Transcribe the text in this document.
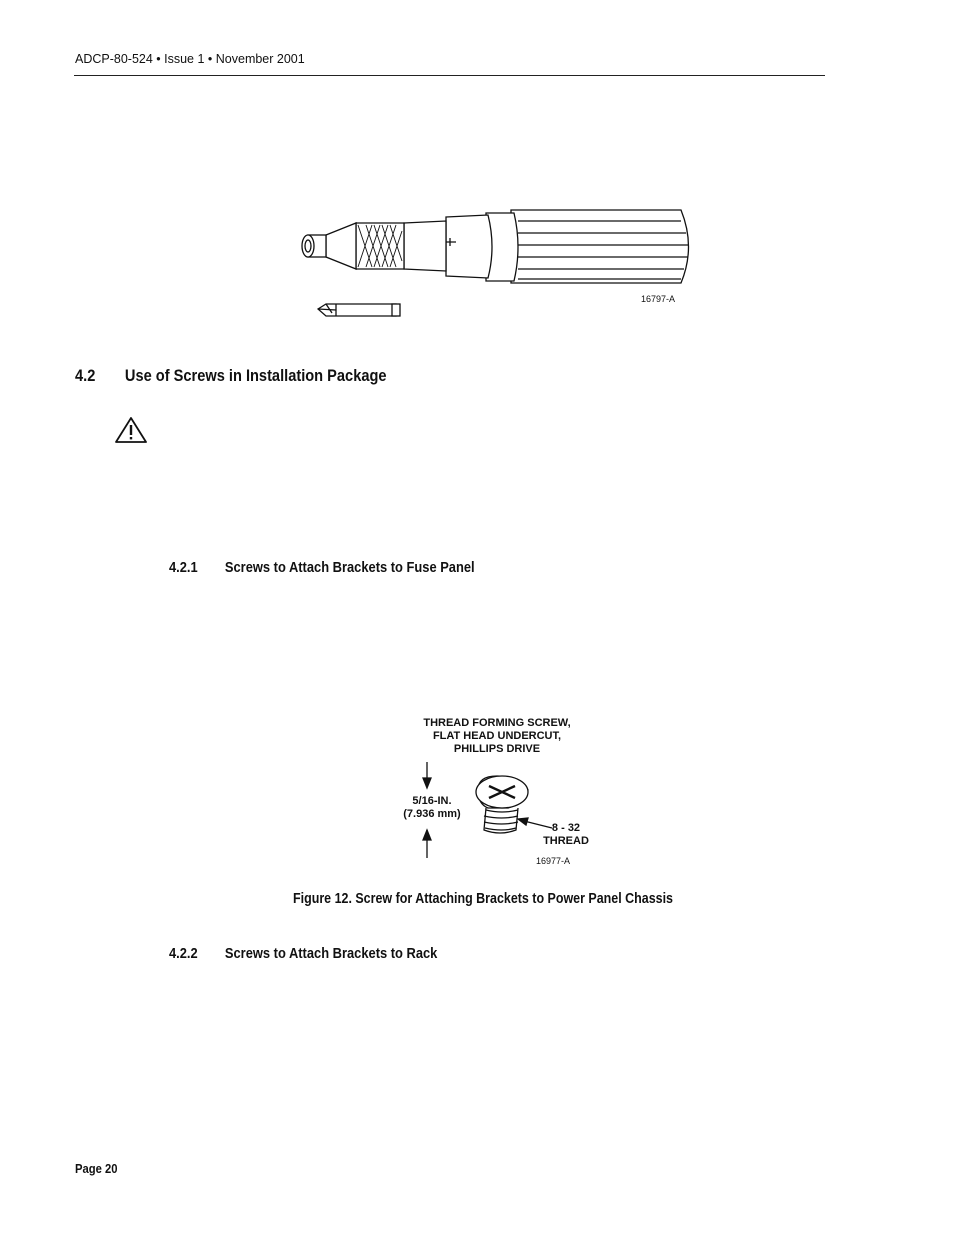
ADCP-80-524 • Issue 1 • November 2001
16797-A
4.2 Use of Screws in Installation Package
4.2.1 Screws to Attach Brackets to Fuse Panel
THREAD FORMING SCREW,
FLAT HEAD UNDERCUT,
PHILLIPS DRIVE
5/16-IN.
(7.936 mm)
8 - 32
THREAD
16977-A
Figure 12. Screw for Attaching Brackets to Power Panel Chassis
4.2.2 Screws to Attach Brackets to Rack
Page 20
